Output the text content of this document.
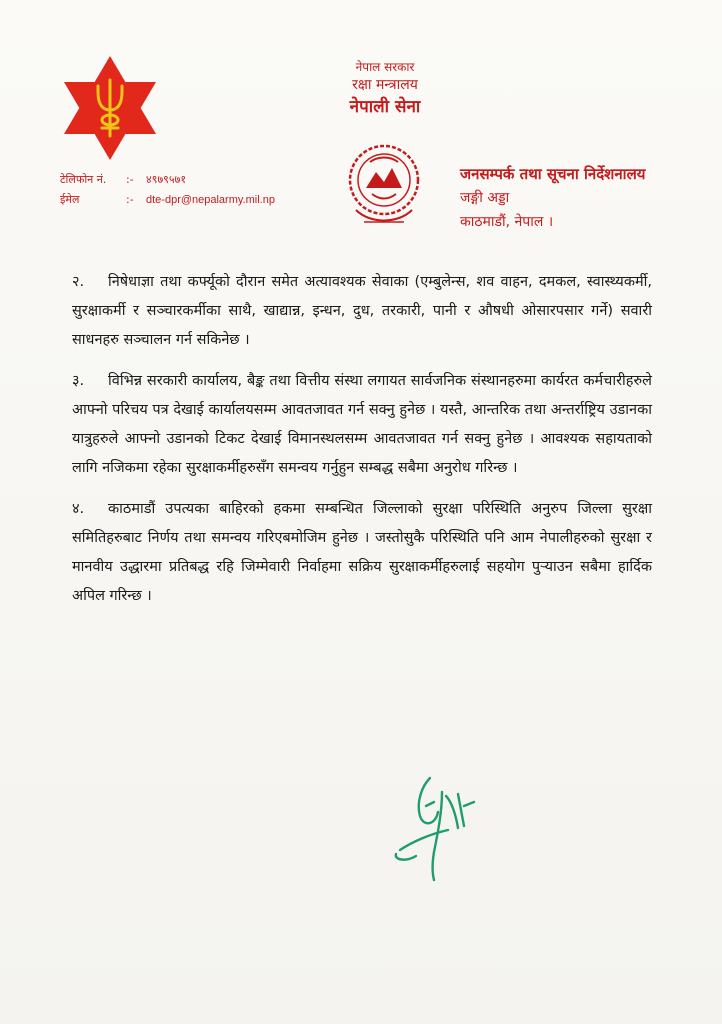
नेपाल सरकार
रक्षा मन्त्रालय
नेपाली सेना
टेलिफोन नं.	:-	४९७९५७१
ईमेल	:-	dte-dpr@nepalarmy.mil.np
जनसम्पर्क तथा सूचना निर्देशनालय
जङ्गी अड्डा
काठमाडौं, नेपाल ।

२. निषेधाज्ञा तथा कर्फ्यूको दौरान समेत अत्यावश्यक सेवाका (एम्बुलेन्स, शव वाहन, दमकल, स्वास्थ्यकर्मी, सुरक्षाकर्मी र सञ्चारकर्मीका साथै, खाद्यान्न, इन्धन, दुध, तरकारी, पानी र औषधी ओसारपसार गर्ने) सवारी साधनहरु सञ्चालन गर्न सकिनेछ ।

३. विभिन्न सरकारी कार्यालय, बैङ्क तथा वित्तीय संस्था लगायत सार्वजनिक संस्थानहरुमा कार्यरत कर्मचारीहरुले आफ्नो परिचय पत्र देखाई कार्यालयसम्म आवतजावत गर्न सक्नु हुनेछ । यस्तै, आन्तरिक तथा अन्तर्राष्ट्रिय उडानका यात्रुहरुले आफ्नो उडानको टिकट देखाई विमानस्थलसम्म आवतजावत गर्न सक्नु हुनेछ । आवश्यक सहायताको लागि नजिकमा रहेका सुरक्षाकर्मीहरुसँग समन्वय गर्नुहुन सम्बद्ध सबैमा अनुरोध गरिन्छ ।

४. काठमाडौं उपत्यका बाहिरको हकमा सम्बन्धित जिल्लाको सुरक्षा परिस्थिति अनुरुप जिल्ला सुरक्षा समितिहरुबाट निर्णय तथा समन्वय गरिएबमोजिम हुनेछ । जस्तोसुकै परिस्थिति पनि आम नेपालीहरुको सुरक्षा र मानवीय उद्धारमा प्रतिबद्ध रहि जिम्मेवारी निर्वाहमा सक्रिय सुरक्षाकर्मीहरुलाई सहयोग पुऱ्याउन सबैमा हार्दिक अपिल गरिन्छ ।
